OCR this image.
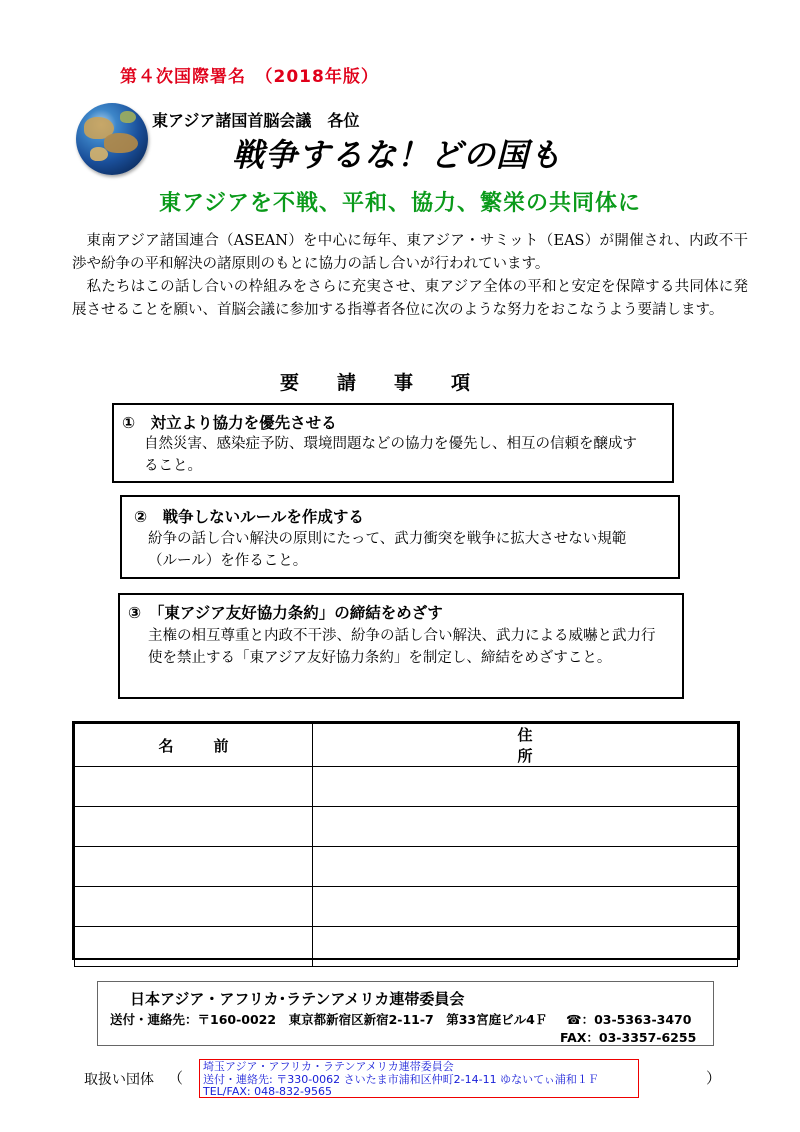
第４次国際署名　（2018年版）
東アジア諸国首脳会議　各位
戦争するな！どの国も
東アジアを不戦、平和、協力、繁栄の共同体に

東南アジア諸国連合（ASEAN）を中心に毎年、東アジア・サミット（EAS）が開催され、内政不干渉や紛争の平和解決の諸原則のもとに協力の話し合いが行われています。

私たちはこの話し合いの枠組みをさらに充実させ、東アジア全体の平和と安定を保障する共同体に発展させることを願い、首脳会議に参加する指導者各位に次のような努力をおこなうよう要請します。

要請事項
①　対立より協力を優先させる
自然災害、感染症予防、環境問題などの協力を優先し、相互の信頼を醸成すること。
②　戦争しないルールを作成する
紛争の話し合い解決の原則にたって、武力衝突を戦争に拡大させない規範（ルール）を作ること。
③　「東アジア友好協力条約」の締結をめざす
主権の相互尊重と内政不干渉、紛争の話し合い解決、武力による威嚇と武力行使を禁止する「東アジア友好協力条約」を制定し、締結をめざすこと。
名前	住所

日本アジア・アフリカ･ラテンアメリカ連帯委員会
送付・連絡先：〒160-0022　東京都新宿区新宿2-11-7　第33宮庭ビル4Ｆ ☎：03-5363-3470
FAX：03-3357-6255
取扱い団体 （
埼玉アジア・アフリカ・ラテンアメリカ連帯委員会
送付・連絡先: 〒330-0062 さいたま市浦和区仲町2-14-11 ゆないてぃ浦和１Ｆ
TEL/FAX: 048-832-9565
）
